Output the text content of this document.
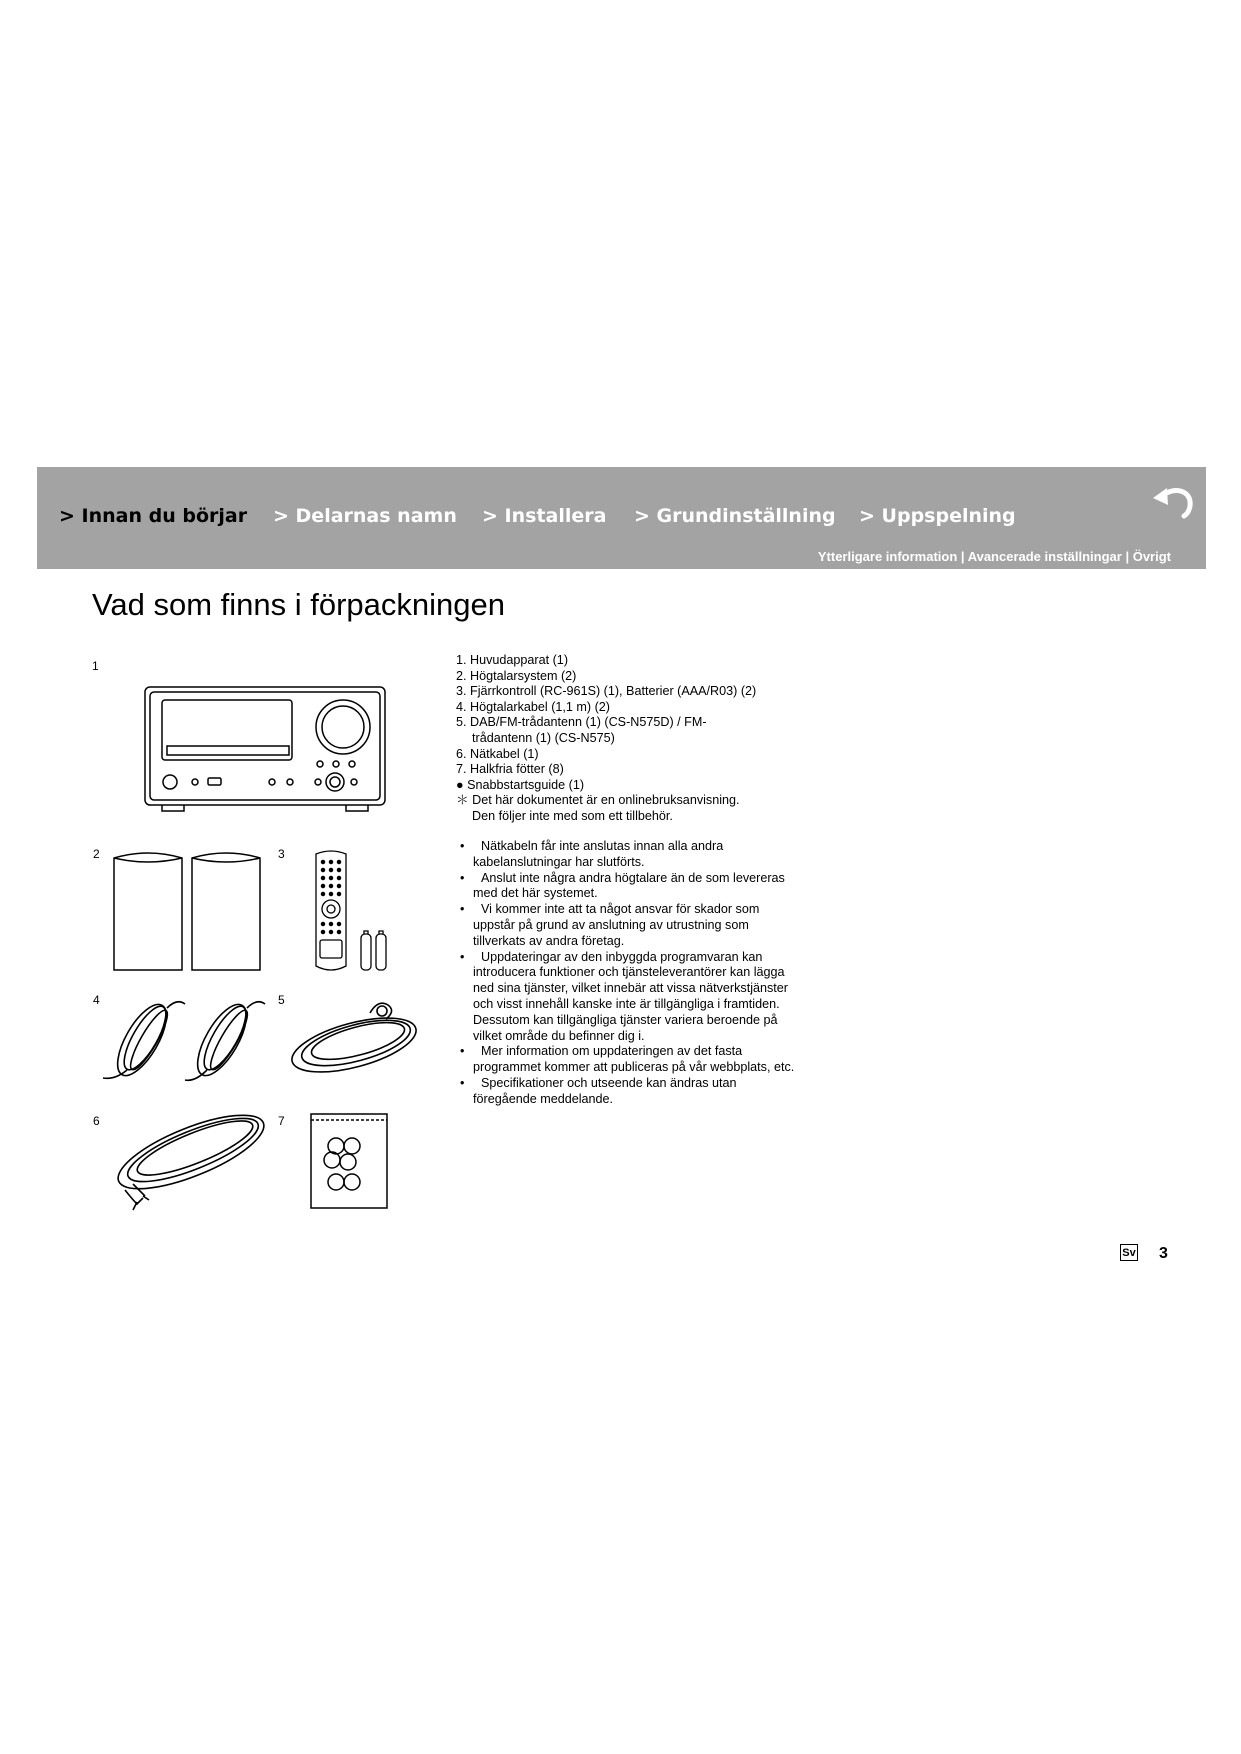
> Innan du börjar > Delarnas namn > Installera > Grundinställning > Uppspelning
Ytterligare information | Avancerade inställningar | Övrigt
Vad som finns i förpackningen
1
2	3
4	5
6	7
1. Huvudapparat (1)
2. Högtalarsystem (2)
3. Fjärrkontroll (RC-961S) (1), Batterier (AAA/R03) (2)
4. Högtalarkabel (1,1 m) (2)
5. DAB/FM-trådantenn (1) (CS-N575D) / FM-
trådantenn (1) (CS-N575)
6. Nätkabel (1)
7. Halkfria fötter (8)
● Snabbstartsguide (1)
＊ Det här dokumentet är en onlinebruksanvisning.
Den följer inte med som ett tillbehör.
• Nätkabeln får inte anslutas innan alla andra kabelanslutningar har slutförts.
• Anslut inte några andra högtalare än de som levereras med det här systemet.
• Vi kommer inte att ta något ansvar för skador som uppstår på grund av anslutning av utrustning som tillverkats av andra företag.
• Uppdateringar av den inbyggda programvaran kan introducera funktioner och tjänsteleverantörer kan lägga ned sina tjänster, vilket innebär att vissa nätverkstjänster och visst innehåll kanske inte är tillgängliga i framtiden. Dessutom kan tillgängliga tjänster variera beroende på vilket område du befinner dig i.
• Mer information om uppdateringen av det fasta programmet kommer att publiceras på vår webbplats, etc.
• Specifikationer och utseende kan ändras utan föregående meddelande.
Sv 3
